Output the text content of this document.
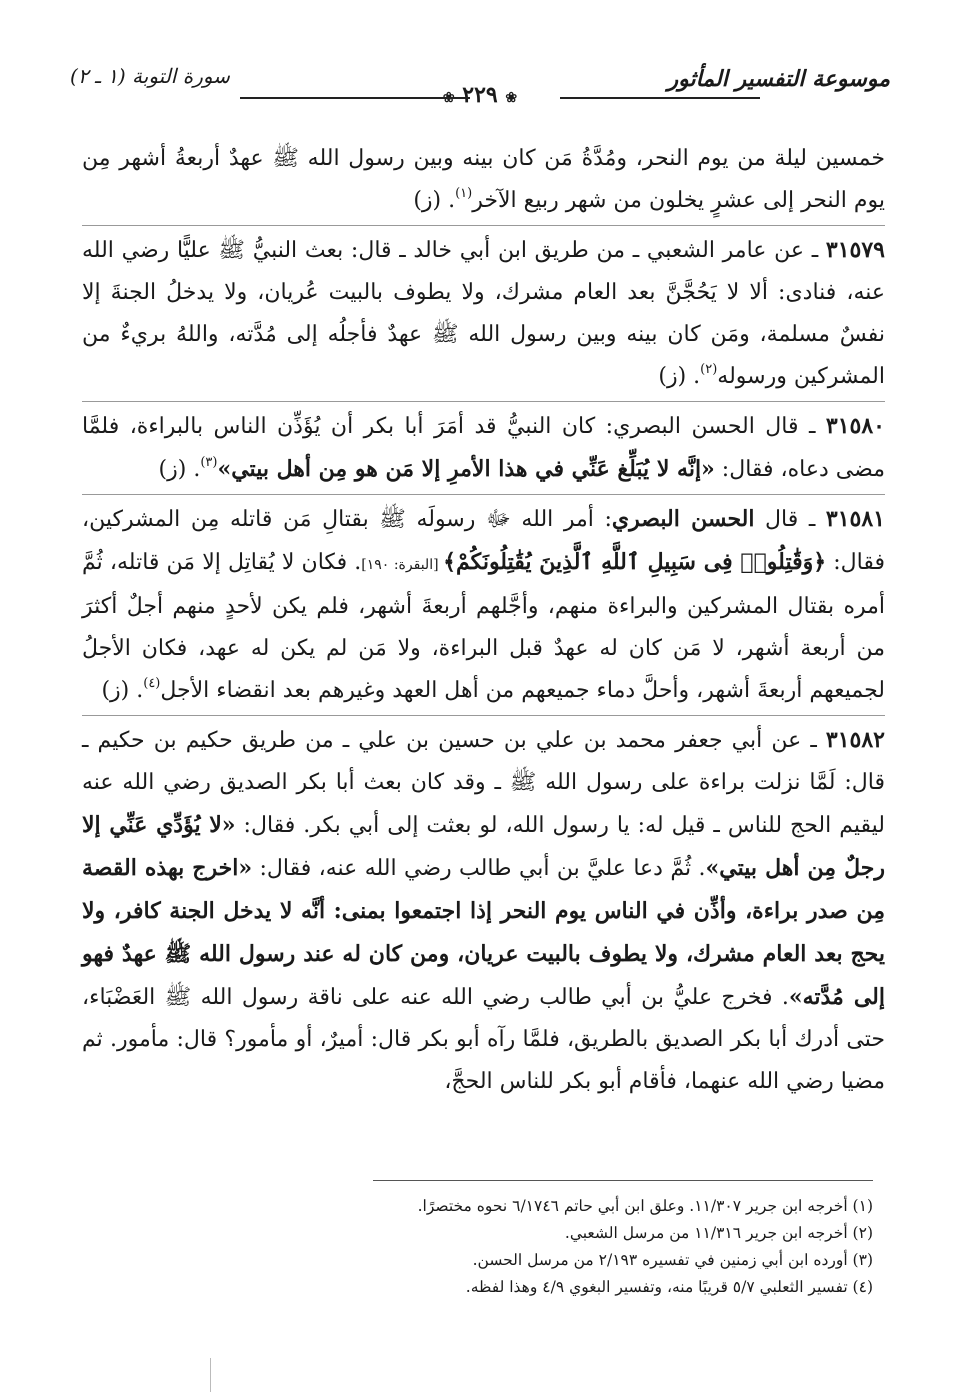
موسوعة التفسير المأثور
❀ ٢٢٩ ❀
سورة التوبة (١ ـ ٢)

خمسين ليلة من يوم النحر، ومُدَّةُ مَن كان بينه وبين رسول الله ﷺ عهدٌ أربعةُ أشهر مِن يوم النحر إلى عشرٍ يخلون من شهر ربيع الآخر$^{(١)}$. (ز)

٣١٥٧٩ ـ عن عامر الشعبي ـ من طريق ابن أبي خالد ـ قال: بعث النبيُّ ﷺ عليًّا رضي الله عنه، فنادى: ألا لا يَحُجَّنَّ بعد العام مشرك، ولا يطوف بالبيت عُريان، ولا يدخلُ الجنةَ إلا نفسٌ مسلمة، ومَن كان بينه وبين رسول الله ﷺ عهدٌ فأجلُه إلى مُدَّته، واللهُ بريءٌ من المشركين ورسوله$^{(٢)}$. (ز)

٣١٥٨٠ ـ قال الحسن البصري: كان النبيُّ قد أمَرَ أبا بكر أن يُؤَذِّن الناس بالبراءة، فلمَّا مضى دعاه، فقال: «إنَّه لا يُبَلِّغ عَنِّي في هذا الأمرِ إلا مَن هو مِن أهل بيتي»$^{(٣)}$. (ز)

٣١٥٨١ ـ قال الحسن البصري: أمر الله ﷻ رسولَه ﷺ بقتالِ مَن قاتله مِن المشركين، فقال: ﴿وَقَٰتِلُوا۟ فِى سَبِيلِ ٱللَّهِ ٱلَّذِينَ يُقَٰتِلُونَكُمْ﴾ [البقرة: ١٩٠]. فكان لا يُقاتِل إلا مَن قاتله، ثُمَّ أمره بقتال المشركين والبراءة منهم، وأجَّلهم أربعةَ أشهر، فلم يكن لأحدٍ منهم أجلٌ أكثرَ من أربعة أشهر، لا مَن كان له عهدٌ قبل البراءة، ولا مَن لم يكن له عهد، فكان الأجلُ لجميعهم أربعةَ أشهر، وأحلَّ دماء جميعهم من أهل العهد وغيرهم بعد انقضاء الأجل$^{(٤)}$. (ز)

٣١٥٨٢ ـ عن أبي جعفر محمد بن علي بن حسين بن علي ـ من طريق حكيم بن حكيم ـ قال: لَمَّا نزلت براءة على رسول الله ﷺ ـ وقد كان بعث أبا بكر الصديق رضي الله عنه ليقيم الحج للناس ـ قيل له: يا رسول الله، لو بعثت إلى أبي بكر. فقال: «لا يُؤَدِّي عَنِّي إلا رجلٌ مِن أهل بيتي». ثُمَّ دعا عليَّ بن أبي طالب رضي الله عنه، فقال: «اخرج بهذه القصة مِن صدر براءة، وأذِّن في الناس يوم النحر إذا اجتمعوا بمنى: أنَّه لا يدخل الجنة كافر، ولا يحج بعد العام مشرك، ولا يطوف بالبيت عريان، ومن كان له عند رسول الله ﷺ عهدٌ فهو إلى مُدَّته». فخرج عليُّ بن أبي طالب رضي الله عنه على ناقة رسول الله ﷺ العَضْبَاء، حتى أدرك أبا بكر الصديق بالطريق، فلمَّا رآه أبو بكر قال: أميرٌ، أو مأمور؟ قال: مأمور. ثم مضيا رضي الله عنهما، فأقام أبو بكر للناس الحجَّ،

(١) أخرجه ابن جرير ١١/٣٠٧. وعلق ابن أبي حاتم ٦/١٧٤٦ نحوه مختصرًا.

(٢) أخرجه ابن جرير ١١/٣١٦ من مرسل الشعبي.

(٣) أورده ابن أبي زمنين في تفسيره ٢/١٩٣ من مرسل الحسن.

(٤) تفسير الثعلبي ٥/٧ قريبًا منه، وتفسير البغوي ٤/٩ وهذا لفظه.
